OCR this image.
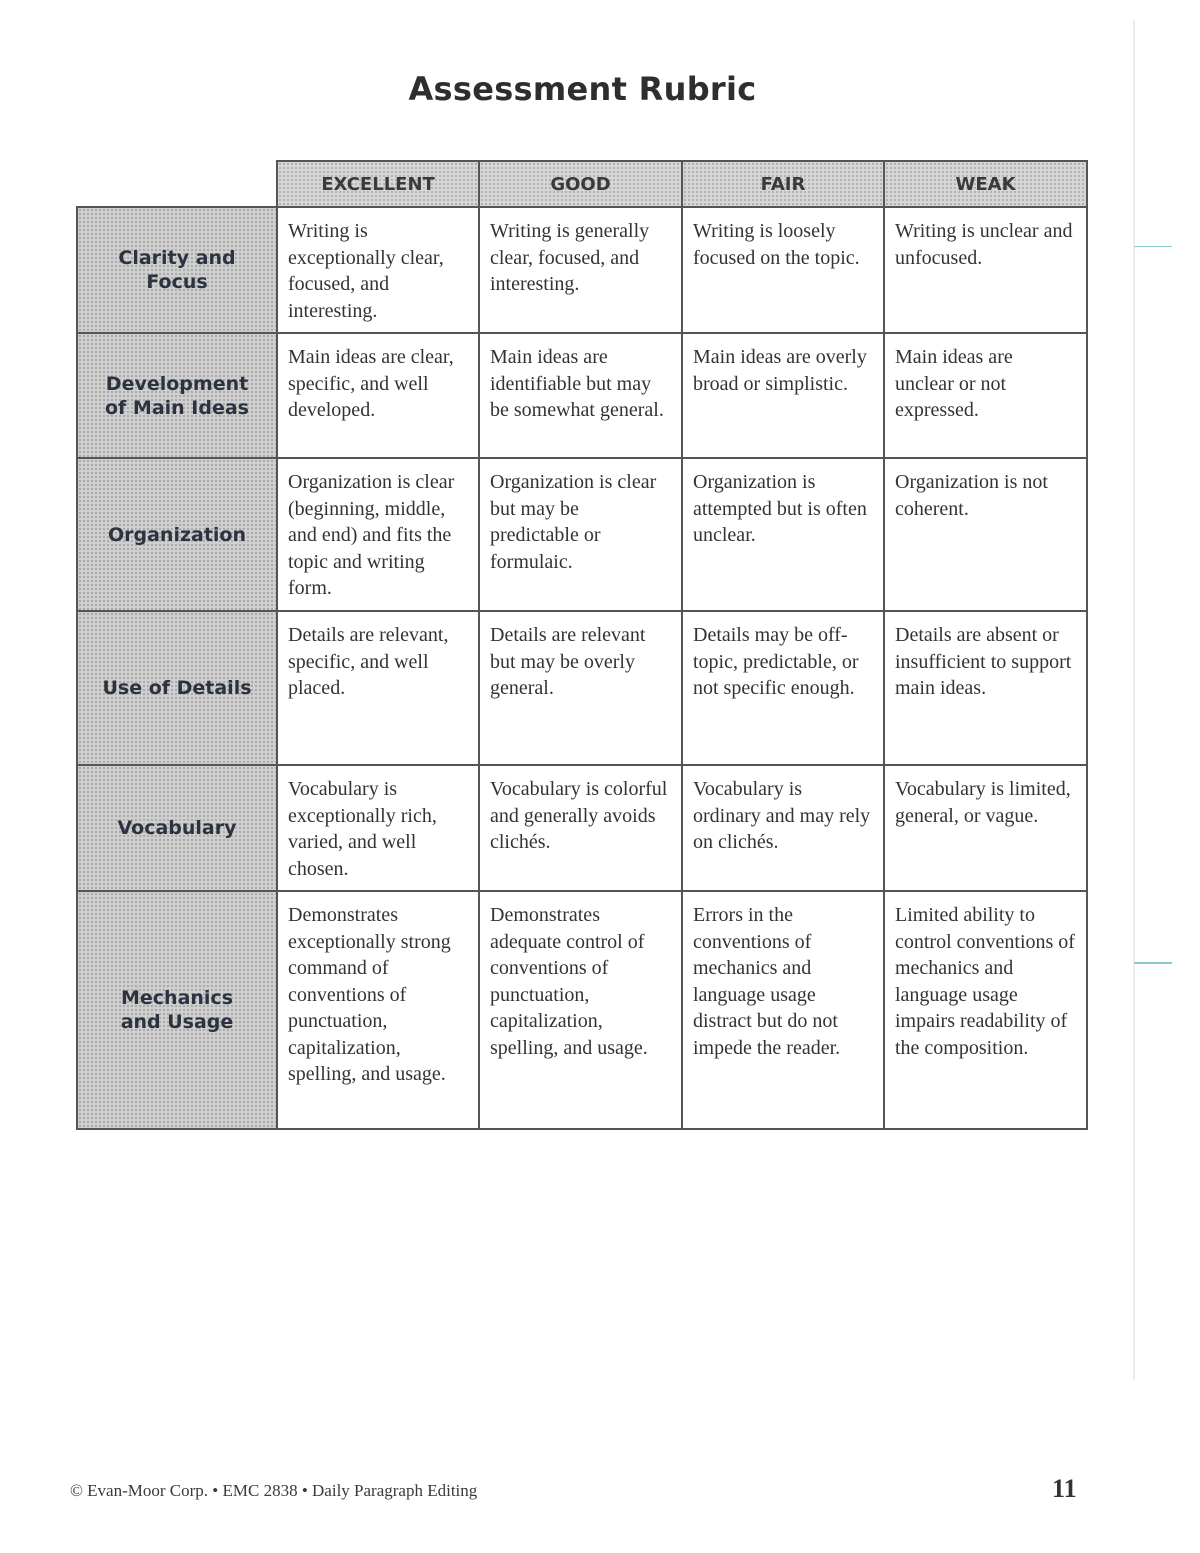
Assessment Rubric
	EXCELLENT	GOOD	FAIR	WEAK
Clarity and
Focus	Writing is exceptionally clear, focused, and interesting.	Writing is generally clear, focused, and interesting.	Writing is loosely focused on the topic.	Writing is unclear and unfocused.
Development
of Main Ideas	Main ideas are clear, specific, and well developed.	Main ideas are identifiable but may be somewhat general.	Main ideas are overly broad or simplistic.	Main ideas are unclear or not expressed.
Organization	Organization is clear (beginning, middle, and end) and fits the topic and writing form.	Organization is clear but may be predictable or formulaic.	Organization is attempted but is often unclear.	Organization is not coherent.
Use of Details	Details are relevant, specific, and well placed.	Details are relevant but may be overly general.	Details may be off-topic, predictable, or not specific enough.	Details are absent or insufficient to support main ideas.
Vocabulary	Vocabulary is exceptionally rich, varied, and well chosen.	Vocabulary is colorful and generally avoids clichés.	Vocabulary is ordinary and may rely on clichés.	Vocabulary is limited, general, or vague.
Mechanics
and Usage	Demonstrates exceptionally strong command of conventions of punctuation, capitalization, spelling, and usage.	Demonstrates adequate control of conventions of punctuation, capitalization, spelling, and usage.	Errors in the conventions of mechanics and language usage distract but do not impede the reader.	Limited ability to control conventions of mechanics and language usage impairs readability of the composition.
© Evan-Moor Corp. • EMC 2838 • Daily Paragraph Editing	11
